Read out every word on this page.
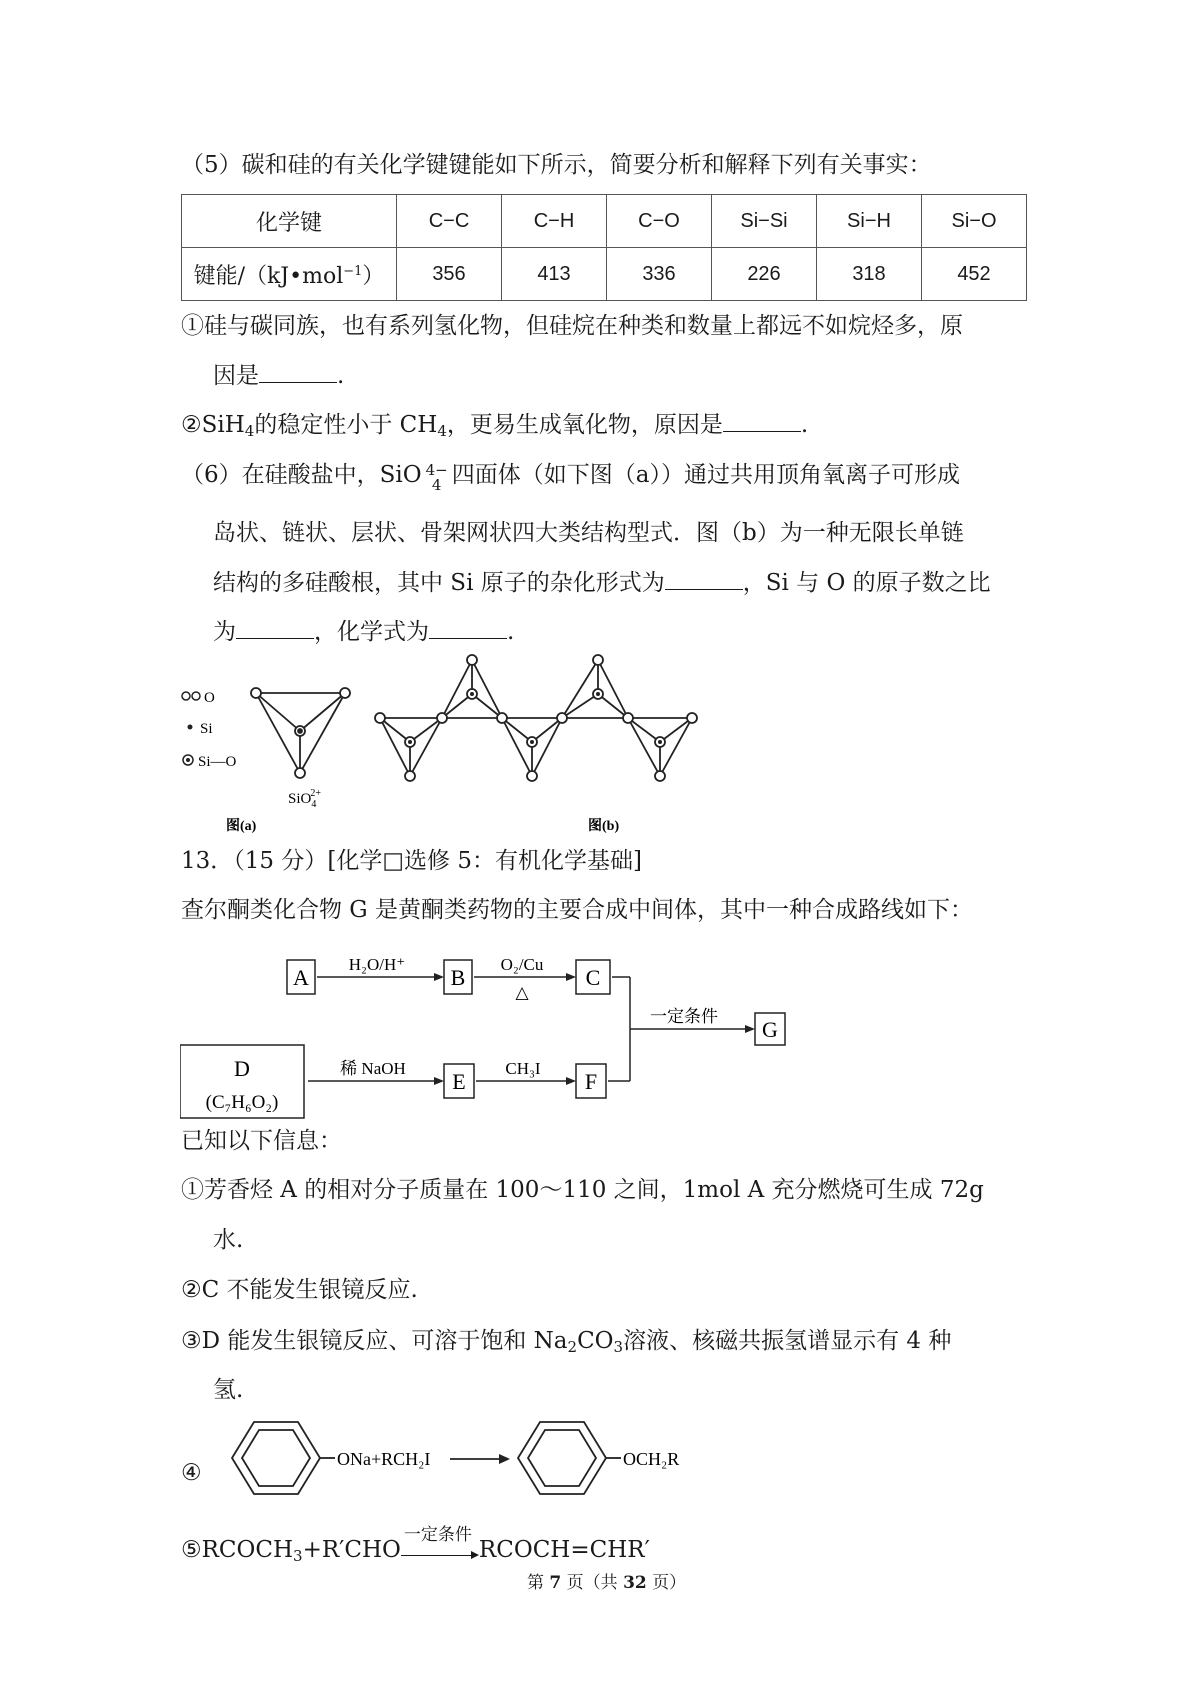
（5）碳和硅的有关化学键键能如下所示，简要分析和解释下列有关事实：
化学键	C−C	C−H	C−O	Si−Si	Si−H	Si−O
键能/（kJ•mol$^{-1}$）	356	413	336	226	318	452
①硅与碳同族，也有系列氢化物，但硅烷在种类和数量上都远不如烷烃多，原
因是	.
②SiH$_4$的稳定性小于 $CH_4$，更易生成氧化物，原因是	.
（6）在硅酸盐中，SiO 4−
4 四面体（如下图（a））通过共用顶角氧离子可形成
岛状、链状、层状、骨架网状四大类结构型式．图（b）为一种无限长单链
结构的多硅酸根，其中 Si 原子的杂化形式为	，Si 与 O 的原子数之比
为	，化学式为	.
O
Si
Si—O
SiO$_4$2+
图(a)	图(b)
13．（15 分）[化学□选修 5：有机化学基础]
查尔酮类化合物 G 是黄酮类药物的主要合成中间体，其中一种合成路线如下：
A	B	C
D
(C₇H₆O₂)
E	F
G
H₂O/H⁺	O₂/Cu
△
稀 NaOH	CH₃I
一定条件
已知以下信息：
①芳香烃 A 的相对分子质量在 100～110 之间，1mol A 充分燃烧可生成 72g
水.
②C 不能发生银镜反应.
③D 能发生银镜反应、可溶于饱和 $Na_2CO_3$溶液、核磁共振氢谱显示有 4 种
氢.
④
ONa+RCH₂I	OCH₂R
$⑤RCOCH_3+R'CHO$
一定条件
RCOCH=CHR′
第 7 页（共 32 页）
